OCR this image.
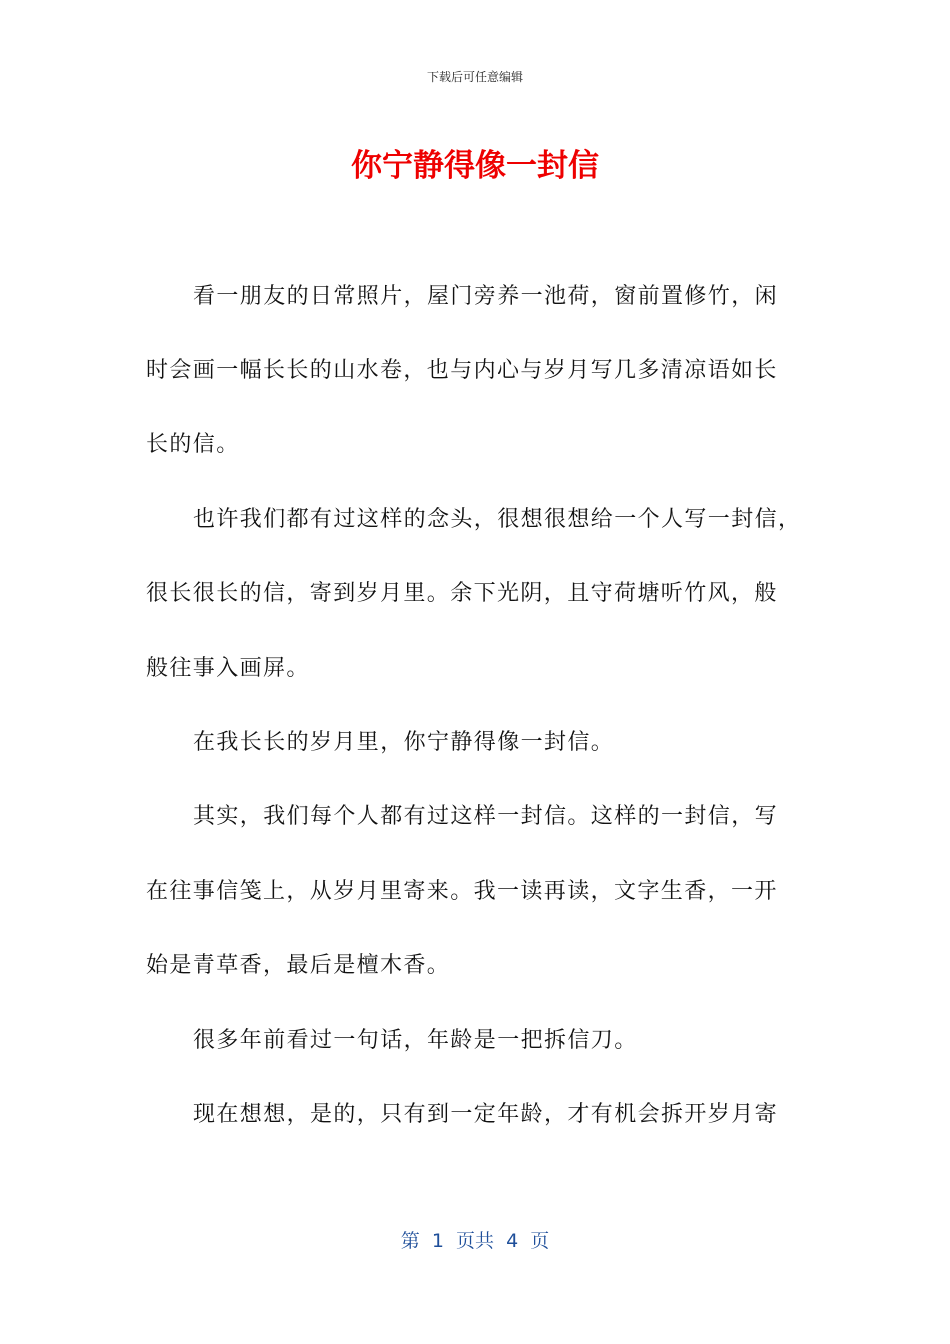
下载后可任意编辑
你宁静得像一封信
看一朋友的日常照片，屋门旁养一池荷，窗前置修竹，闲
时会画一幅长长的山水卷，也与内心与岁月写几多清凉语如长
长的信。
也许我们都有过这样的念头，很想很想给一个人写一封信，
很长很长的信，寄到岁月里。余下光阴，且守荷塘听竹风，般
般往事入画屏。
在我长长的岁月里，你宁静得像一封信。
其实，我们每个人都有过这样一封信。这样的一封信，写
在往事信笺上，从岁月里寄来。我一读再读，文字生香，一开
始是青草香，最后是檀木香。
很多年前看过一句话，年龄是一把拆信刀。
现在想想，是的，只有到一定年龄，才有机会拆开岁月寄
第  1  页共  4  页
